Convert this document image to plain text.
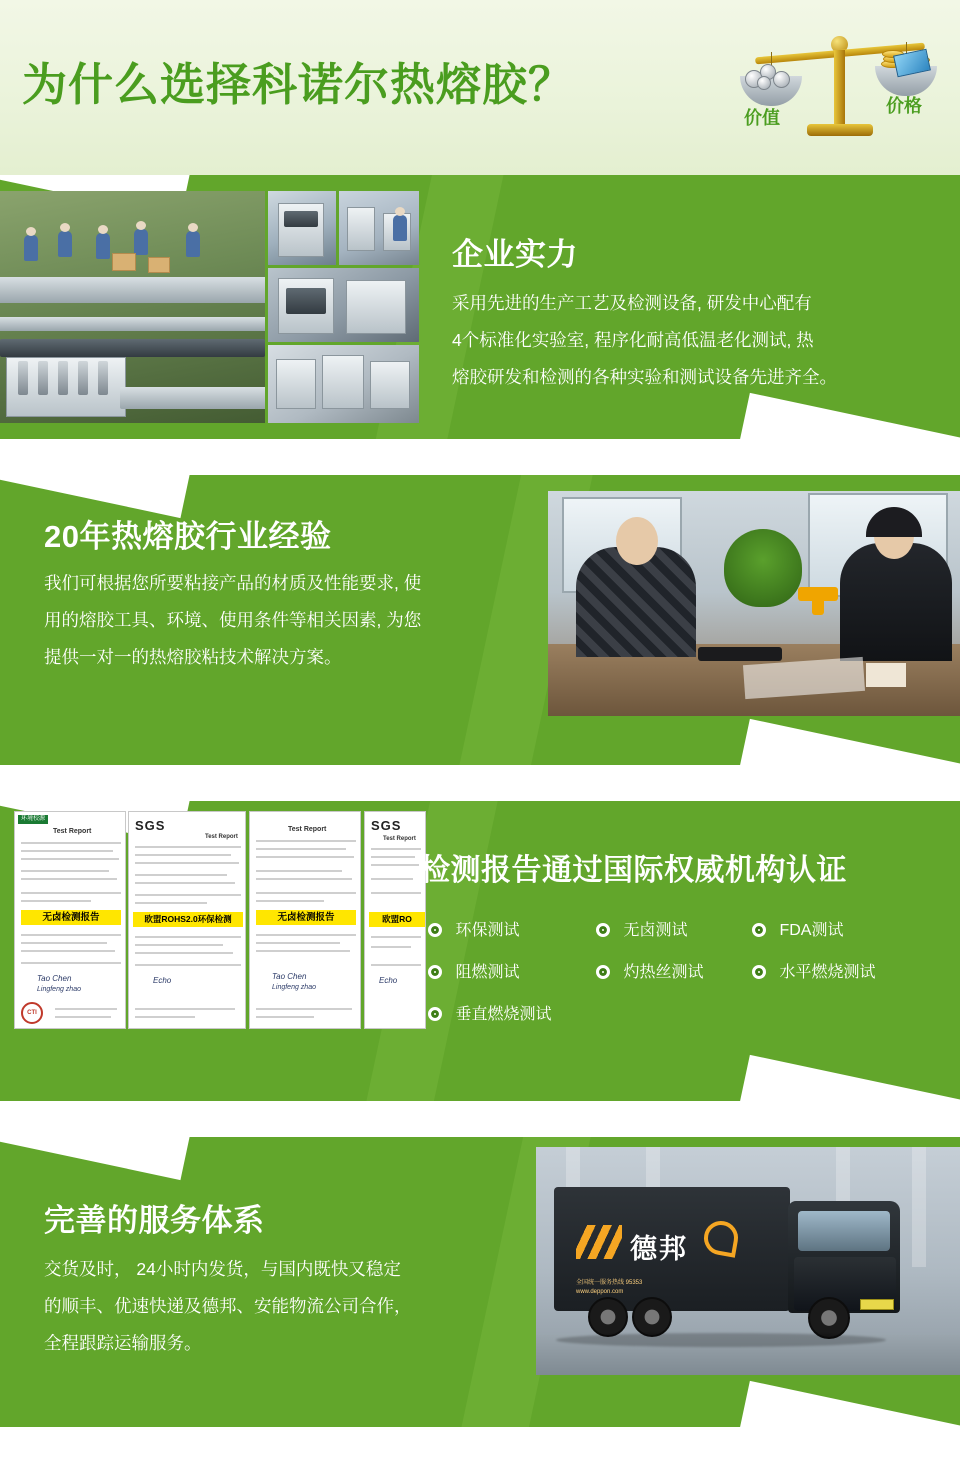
为什么选择科诺尔热熔胶？
价值
价格
企业实力
采用先进的生产工艺及检测设备, 研发中心配有
4个标准化实验室, 程序化耐高低温老化测试, 热
熔胶研发和检测的各种实验和测试设备先进齐全。
20年热熔胶行业经验
我们可根据您所要粘接产品的材质及性能要求, 使
用的熔胶工具、环境、使用条件等相关因素, 为您
提供一对一的热熔胶粘技术解决方案。
环境校源
Test Report
无卤检测报告
Tao Chen
Lingfeng zhao
CTI
SGS
Test Report
欧盟ROHS2.0环保检测
Echo
Test Report
无卤检测报告
Tao Chen
Lingfeng zhao
SGS
Test Report
欧盟RO
Echo
检测报告通过国际权威机构认证
环保测试	无卤测试	FDA测试
阻燃测试	灼热丝测试	水平燃烧测试
垂直燃烧测试
完善的服务体系
交货及时， 24小时内发货，与国内既快又稳定
的顺丰、优速快递及德邦、安能物流公司合作，
全程跟踪运输服务。
德邦
全国统一服务热线 95353
www.deppon.com
